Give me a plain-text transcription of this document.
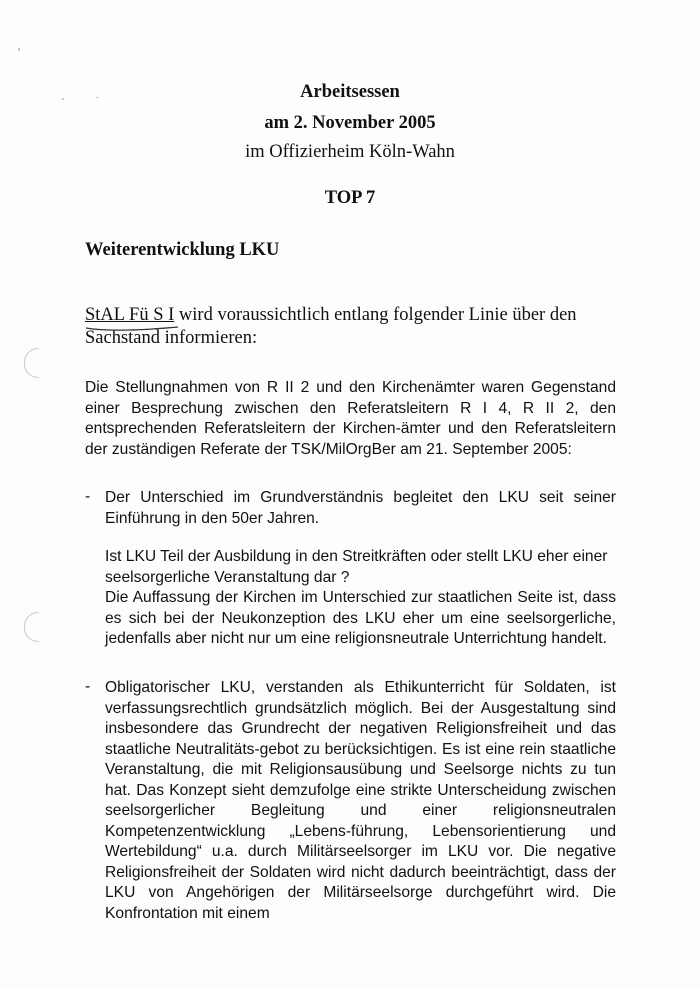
Arbeitsessen
am 2. November 2005
im Offizierheim Köln-Wahn
TOP 7
Weiterentwicklung LKU
StAL Fü S I wird voraussichtlich entlang folgender Linie über den Sachstand informieren:
Die Stellungnahmen von R II 2 und den Kirchenämter waren Gegenstand einer Besprechung zwischen den Referatsleitern R I 4, R II 2, den entsprechenden Referatsleitern der Kirchen-ämter und den Referatsleitern der zuständigen Referate der TSK/MilOrgBer am 21. September 2005:
- Der Unterschied im Grundverständnis begleitet den LKU seit seiner Einführung in den 50er Jahren.
Ist LKU Teil der Ausbildung in den Streitkräften oder stellt LKU eher einer seelsorgerliche Veranstaltung dar ?
Die Auffassung der Kirchen im Unterschied zur staatlichen Seite ist, dass es sich bei der Neukonzeption des LKU eher um eine seelsorgerliche, jedenfalls aber nicht nur um eine religionsneutrale Unterrichtung handelt.
- Obligatorischer LKU, verstanden als Ethikunterricht für Soldaten, ist verfassungsrechtlich grundsätzlich möglich. Bei der Ausgestaltung sind insbesondere das Grundrecht der negativen Religionsfreiheit und das staatliche Neutralitäts-gebot zu berücksichtigen. Es ist eine rein staatliche Veranstaltung, die mit Religionsausübung und Seelsorge nichts zu tun hat. Das Konzept sieht demzufolge eine strikte Unterscheidung zwischen seelsorgerlicher Begleitung und einer religionsneutralen Kompetenzentwicklung „Lebens-führung, Lebensorientierung und Wertebildung“ u.a. durch Militärseelsorger im LKU vor. Die negative Religionsfreiheit der Soldaten wird nicht dadurch beeinträchtigt, dass der LKU von Angehörigen der Militärseelsorge durchgeführt wird. Die Konfrontation mit einem
